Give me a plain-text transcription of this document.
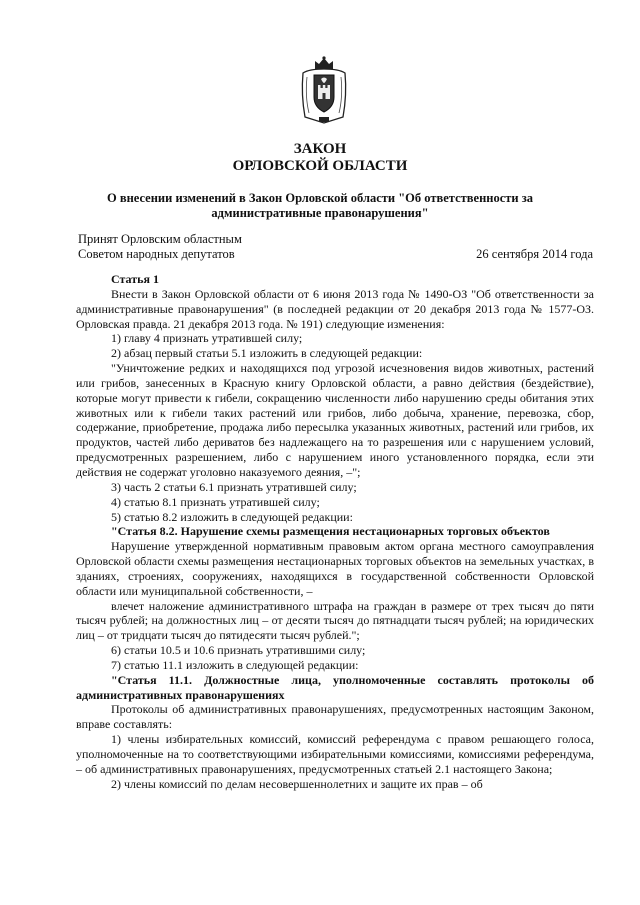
ЗАКОН
ОРЛОВСКОЙ ОБЛАСТИ
О внесении изменений в Закон Орловской области "Об ответственности за
административные правонарушения"
Принят Орловским областным
Советом народных депутатов	26 сентября 2014 года

Статья 1

Внести в Закон Орловской области от 6 июня 2013 года № 1490-ОЗ "Об ответственности за административные правонарушения" (в последней редакции от 20 декабря 2013 года № 1577-ОЗ. Орловская правда. 21 декабря 2013 года. № 191) следующие изменения:

1) главу 4 признать утратившей силу;

2) абзац первый статьи 5.1 изложить в следующей редакции:

"Уничтожение редких и находящихся под угрозой исчезновения видов животных, растений или грибов, занесенных в Красную книгу Орловской области, а равно действия (бездействие), которые могут привести к гибели, сокращению численности либо нарушению среды обитания этих животных или к гибели таких растений или грибов, либо добыча, хранение, перевозка, сбор, содержание, приобретение, продажа либо пересылка указанных животных, растений или грибов, их продуктов, частей либо дериватов без надлежащего на то разрешения или с нарушением условий, предусмотренных разрешением, либо с нарушением иного установленного порядка, если эти действия не содержат уголовно наказуемого деяния, –";

3) часть 2 статьи 6.1 признать утратившей силу;

4) статью 8.1 признать утратившей силу;

5) статью 8.2 изложить в следующей редакции:

"Статья 8.2. Нарушение схемы размещения нестационарных торговых объектов

Нарушение утвержденной нормативным правовым актом органа местного самоуправления Орловской области схемы размещения нестационарных торговых объектов на земельных участках, в зданиях, строениях, сооружениях, находящихся в государственной собственности Орловской области или муниципальной собственности, –

влечет наложение административного штрафа на граждан в размере от трех тысяч до пяти тысяч рублей; на должностных лиц – от десяти тысяч до пятнадцати тысяч рублей; на юридических лиц – от тридцати тысяч до пятидесяти тысяч рублей.";

6) статьи 10.5 и 10.6 признать утратившими силу;

7) статью 11.1 изложить в следующей редакции:

"Статья 11.1. Должностные лица, уполномоченные составлять протоколы об административных правонарушениях

Протоколы об административных правонарушениях, предусмотренных настоящим Законом, вправе составлять:

1) члены избирательных комиссий, комиссий референдума с правом решающего голоса, уполномоченные на то соответствующими избирательными комиссиями, комиссиями референдума, – об административных правонарушениях, предусмотренных статьей 2.1 настоящего Закона;

2) члены комиссий по делам несовершеннолетних и защите их прав – об
